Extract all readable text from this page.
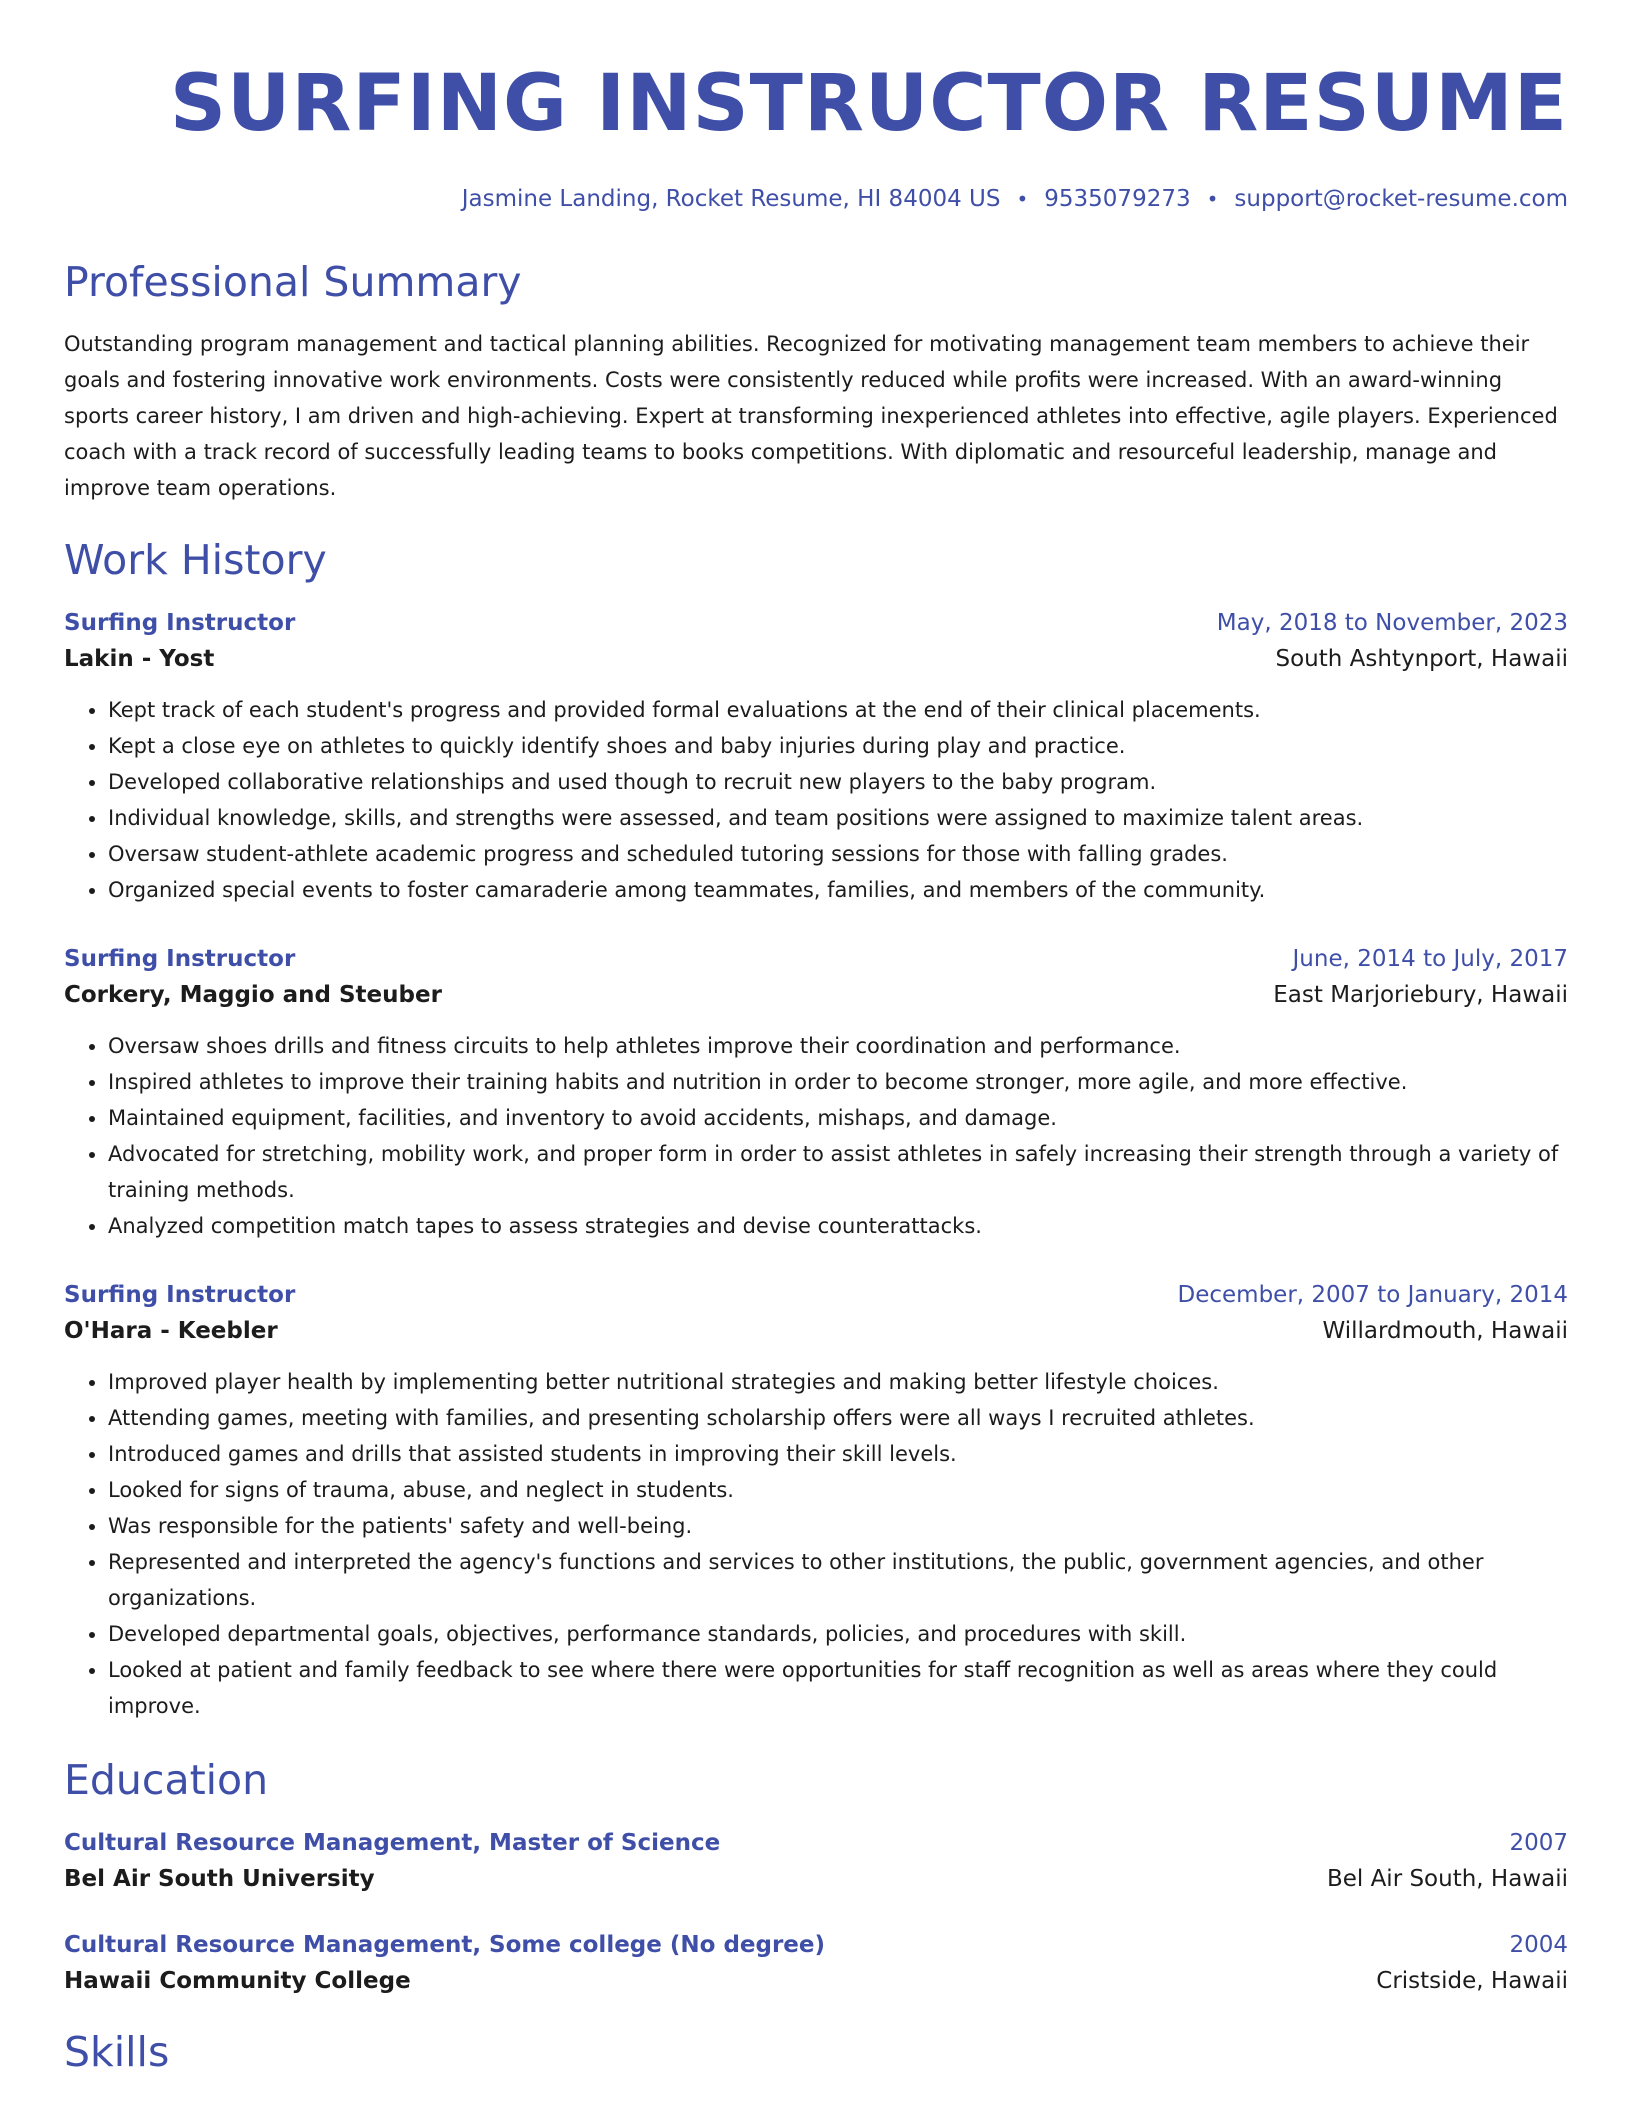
SURFING INSTRUCTOR RESUME
Jasmine Landing, Rocket Resume, HI 84004 US • 9535079273 • support@rocket-resume.com
Professional Summary

Outstanding program management and tactical planning abilities. Recognized for motivating management team members to achieve their goals and fostering innovative work environments. Costs were consistently reduced while profits were increased. With an award-winning sports career history, I am driven and high-achieving. Expert at transforming inexperienced athletes into effective, agile players. Experienced coach with a track record of successfully leading teams to books competitions. With diplomatic and resourceful leadership, manage and improve team operations.

Work History
Surfing Instructor	May, 2018 to November, 2023
Lakin - Yost	South Ashtynport, Hawaii
• Kept track of each student's progress and provided formal evaluations at the end of their clinical placements.
• Kept a close eye on athletes to quickly identify shoes and baby injuries during play and practice.
• Developed collaborative relationships and used though to recruit new players to the baby program.
• Individual knowledge, skills, and strengths were assessed, and team positions were assigned to maximize talent areas.
• Oversaw student-athlete academic progress and scheduled tutoring sessions for those with falling grades.
• Organized special events to foster camaraderie among teammates, families, and members of the community.
Surfing Instructor	June, 2014 to July, 2017
Corkery, Maggio and Steuber	East Marjoriebury, Hawaii
• Oversaw shoes drills and fitness circuits to help athletes improve their coordination and performance.
• Inspired athletes to improve their training habits and nutrition in order to become stronger, more agile, and more effective.
• Maintained equipment, facilities, and inventory to avoid accidents, mishaps, and damage.
• Advocated for stretching, mobility work, and proper form in order to assist athletes in safely increasing their strength through a variety of training methods.
• Analyzed competition match tapes to assess strategies and devise counterattacks.
Surfing Instructor	December, 2007 to January, 2014
O'Hara - Keebler	Willardmouth, Hawaii
• Improved player health by implementing better nutritional strategies and making better lifestyle choices.
• Attending games, meeting with families, and presenting scholarship offers were all ways I recruited athletes.
• Introduced games and drills that assisted students in improving their skill levels.
• Looked for signs of trauma, abuse, and neglect in students.
• Was responsible for the patients' safety and well-being.
• Represented and interpreted the agency's functions and services to other institutions, the public, government agencies, and other organizations.
• Developed departmental goals, objectives, performance standards, policies, and procedures with skill.
• Looked at patient and family feedback to see where there were opportunities for staff recognition as well as areas where they could improve.
Education
Cultural Resource Management, Master of Science	2007
Bel Air South University	Bel Air South, Hawaii
Cultural Resource Management, Some college (No degree)	2004
Hawaii Community College	Cristside, Hawaii
Skills
